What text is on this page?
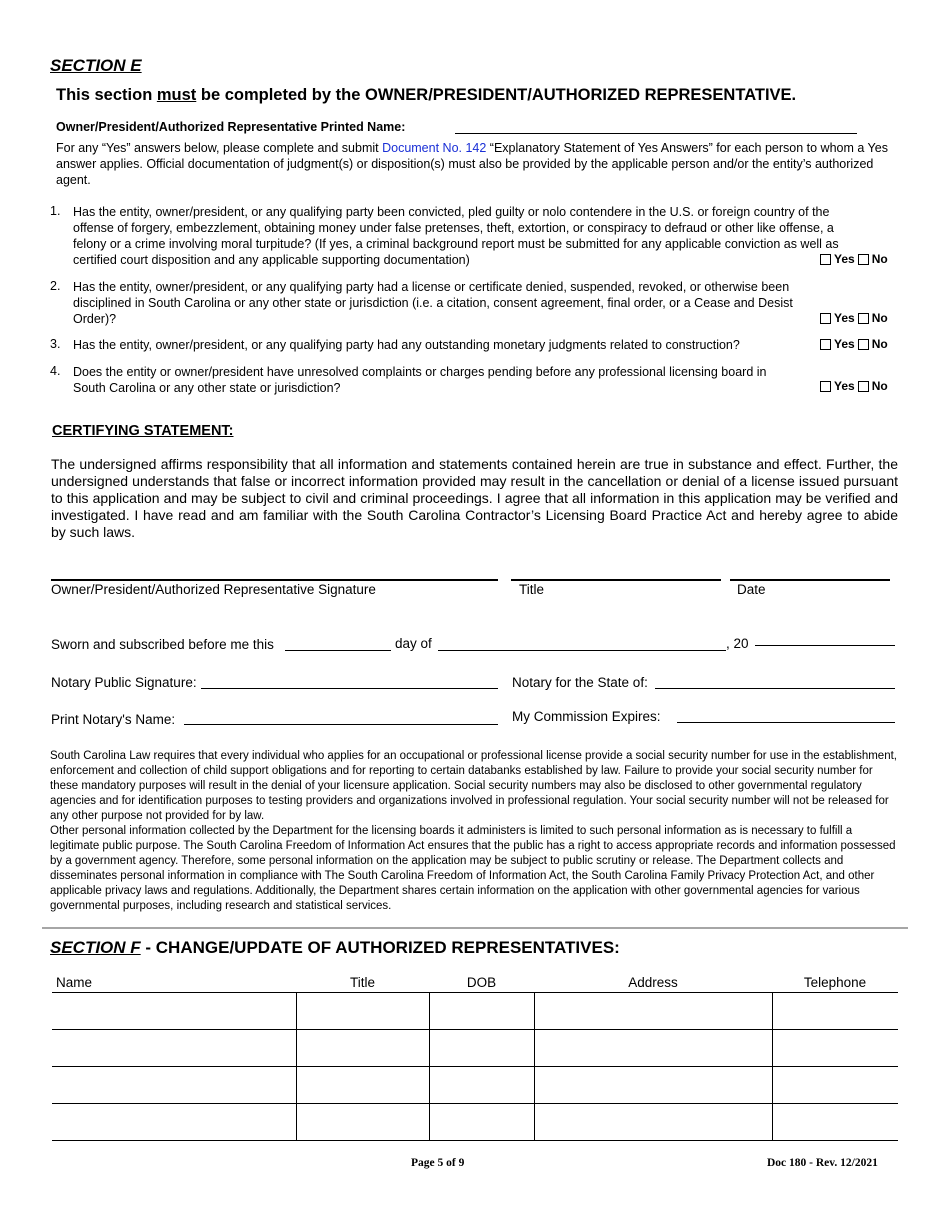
SECTION E
This section must be completed by the OWNER/PRESIDENT/AUTHORIZED REPRESENTATIVE.
Owner/President/Authorized Representative Printed Name:
For any “Yes” answers below, please complete and submit Document No. 142 “Explanatory Statement of Yes Answers” for each person to whom a Yes answer applies. Official documentation of judgment(s) or disposition(s) must also be provided by the applicable person and/or the entity’s authorized agent.
1. Has the entity, owner/president, or any qualifying party been convicted, pled guilty or nolo contendere in the U.S. or foreign country of the offense of forgery, embezzlement, obtaining money under false pretenses, theft, extortion, or conspiracy to defraud or other like offense, a felony or a crime involving moral turpitude? (If yes, a criminal background report must be submitted for any applicable conviction as well as certified court disposition and any applicable supporting documentation)	Yes No
2. Has the entity, owner/president, or any qualifying party had a license or certificate denied, suspended, revoked, or otherwise been disciplined in South Carolina or any other state or jurisdiction (i.e. a citation, consent agreement, final order, or a Cease and Desist Order)?	Yes No
3. Has the entity, owner/president, or any qualifying party had any outstanding monetary judgments related to construction?	Yes No
4. Does the entity or owner/president have unresolved complaints or charges pending before any professional licensing board in South Carolina or any other state or jurisdiction?	Yes No
CERTIFYING STATEMENT:
The undersigned affirms responsibility that all information and statements contained herein are true in substance and effect. Further, the undersigned understands that false or incorrect information provided may result in the cancellation or denial of a license issued pursuant to this application and may be subject to civil and criminal proceedings. I agree that all information in this application may be verified and investigated. I have read and am familiar with the South Carolina Contractor’s Licensing Board Practice Act and hereby agree to abide by such laws.
Owner/President/Authorized Representative Signature	Title	Date
Sworn and subscribed before me this	day of	, 20
Notary Public Signature:	Notary for the State of:
Print Notary's Name:	My Commission Expires:
South Carolina Law requires that every individual who applies for an occupational or professional license provide a social security number for use in the establishment, enforcement and collection of child support obligations and for reporting to certain databanks established by law. Failure to provide your social security number for these mandatory purposes will result in the denial of your licensure application. Social security numbers may also be disclosed to other governmental regulatory agencies and for identification purposes to testing providers and organizations involved in professional regulation. Your social security number will not be released for any other purpose not provided for by law.
Other personal information collected by the Department for the licensing boards it administers is limited to such personal information as is necessary to fulfill a legitimate public purpose. The South Carolina Freedom of Information Act ensures that the public has a right to access appropriate records and information possessed by a government agency. Therefore, some personal information on the application may be subject to public scrutiny or release. The Department collects and disseminates personal information in compliance with The South Carolina Freedom of Information Act, the South Carolina Family Privacy Protection Act, and other applicable privacy laws and regulations. Additionally, the Department shares certain information on the application with other governmental agencies for various governmental purposes, including research and statistical services.
SECTION F - CHANGE/UPDATE OF AUTHORIZED REPRESENTATIVES:
Name	Title	DOB	Address	Telephone

Page 5 of 9	Doc 180 - Rev. 12/2021
